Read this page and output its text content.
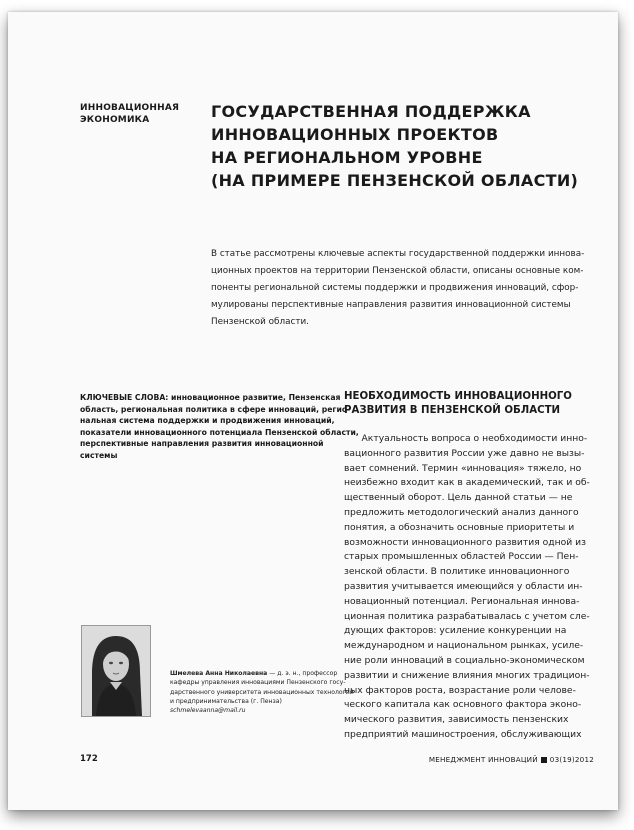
ИННОВАЦИОННАЯ
ЭКОНОМИКА	ГОСУДАРСТВЕННАЯ ПОДДЕРЖКА
ИННОВАЦИОННЫХ ПРОЕКТОВ
НА РЕГИОНАЛЬНОМ УРОВНЕ
(НА ПРИМЕРЕ ПЕНЗЕНСКОЙ ОБЛАСТИ)
В статье рассмотрены ключевые аспекты государственной поддержки иннова-
ционных проектов на территории Пензенской области, описаны основные ком-
поненты региональной системы поддержки и продвижения инноваций, сфор-
мулированы перспективные направления развития инновационной системы
Пензенской области.
КЛЮЧЕВЫЕ СЛОВА: инновационное развитие, Пензенская
область, региональная политика в сфере инноваций, регио-
нальная система поддержки и продвижения инноваций,
показатели инновационного потенциала Пензенской области,
перспективные направления развития инновационной
системы
НЕОБХОДИМОСТЬ ИННОВАЦИОННОГО
РАЗВИТИЯ В ПЕНЗЕНСКОЙ ОБЛАСТИ
Актуальность вопроса о необходимости инно-
вационного развития России уже давно не вызы-
вает сомнений. Термин «инновация» тяжело, но
неизбежно входит как в академический, так и об-
щественный оборот. Цель данной статьи — не
предложить методологический анализ данного
понятия, а обозначить основные приоритеты и
возможности инновационного развития одной из
старых промышленных областей России — Пен-
зенской области. В политике инновационного
развития учитывается имеющийся у области ин-
новационный потенциал. Региональная иннова-
ционная политика разрабатывалась с учетом сле-
дующих факторов: усиление конкуренции на
международном и национальном рынках, усиле-
ние роли инноваций в социально-экономическом
развитии и снижение влияния многих традицион-
ных факторов роста, возрастание роли челове-
ческого капитала как основного фактора эконо-
мического развития, зависимость пензенских
предприятий машиностроения, обслуживающих
Шмелева Анна Николаевна — д. э. н., профессор
кафедры управления инновациями Пензенского госу-
дарственного университета инновационных технологий
и предпринимательства (г. Пенза)
schmelevaanna@mail.ru
172	МЕНЕДЖМЕНТ ИННОВАЦИЙ 03(19)2012
